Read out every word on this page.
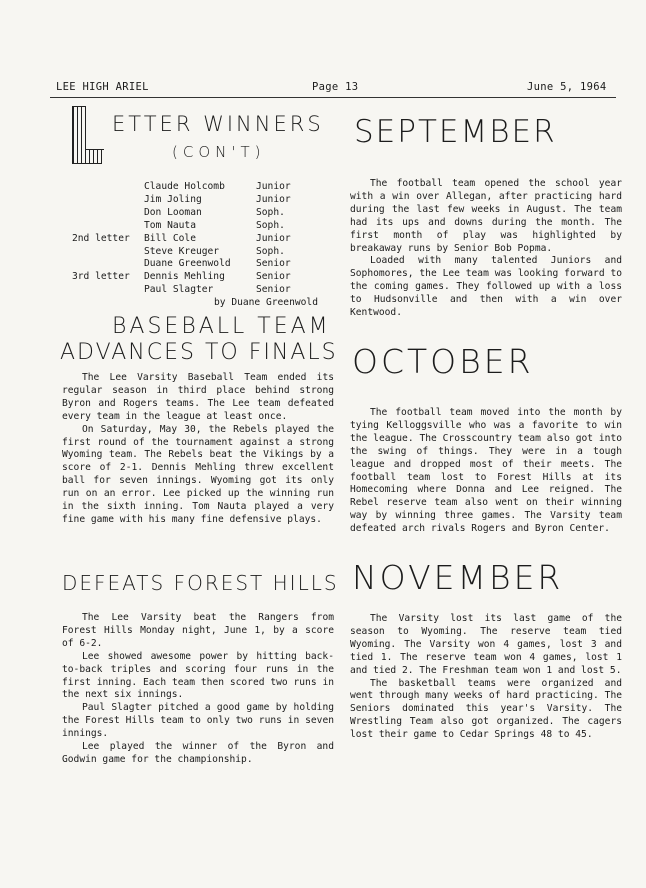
LEE HIGH ARIEL	Page 13	June 5, 1964
ETTER WINNERS
(CON'T)
	Claude Holcomb	Junior
	Jim Joling	Junior
	Don Looman	Soph.
	Tom Nauta	Soph.
2nd letter	Bill Cole	Junior
	Steve Kreuger	Soph.
	Duane Greenwold	Senior
3rd letter	Dennis Mehling	Senior
	Paul Slagter	Senior
by Duane Greenwold
BASEBALL TEAM
ADVANCES TO FINALS

The Lee Varsity Baseball Team ended its regular season in third place behind strong Byron and Rogers teams. The Lee team defeated every team in the league at least once.

On Saturday, May 30, the Rebels played the first round of the tournament against a strong Wyoming team. The Rebels beat the Vikings by a score of 2-1. Dennis Mehling threw excellent ball for seven innings. Wyoming got its only run on an error. Lee picked up the winning run in the sixth inning. Tom Nauta played a very fine game with his many fine defensive plays.

DEFEATS FOREST HILLS

The Lee Varsity beat the Rangers from Forest Hills Monday night, June 1, by a score of 6-2.

Lee showed awesome power by hitting back-to-back triples and scoring four runs in the first inning. Each team then scored two runs in the next six innings.

Paul Slagter pitched a good game by holding the Forest Hills team to only two runs in seven innings.

Lee played the winner of the Byron and Godwin game for the championship.

SEPTEMBER

The football team opened the school year with a win over Allegan, after practicing hard during the last few weeks in August. The team had its ups and downs during the month. The first month of play was highlighted by breakaway runs by Senior Bob Popma.

Loaded with many talented Juniors and Sophomores, the Lee team was looking forward to the coming games. They followed up with a loss to Hudsonville and then with a win over Kentwood.

OCTOBER

The football team moved into the month by tying Kelloggsville who was a favorite to win the league. The Crosscountry team also got into the swing of things. They were in a tough league and dropped most of their meets. The football team lost to Forest Hills at its Homecoming where Donna and Lee reigned. The Rebel reserve team also went on their winning way by winning three games. The Varsity team defeated arch rivals Rogers and Byron Center.

NOVEMBER

The Varsity lost its last game of the season to Wyoming. The reserve team tied Wyoming. The Varsity won 4 games, lost 3 and tied 1. The reserve team won 4 games, lost 1 and tied 2. The Freshman team won 1 and lost 5.

The basketball teams were organized and went through many weeks of hard practicing. The Seniors dominated this year's Varsity. The Wrestling Team also got organized. The cagers lost their game to Cedar Springs 48 to 45.
